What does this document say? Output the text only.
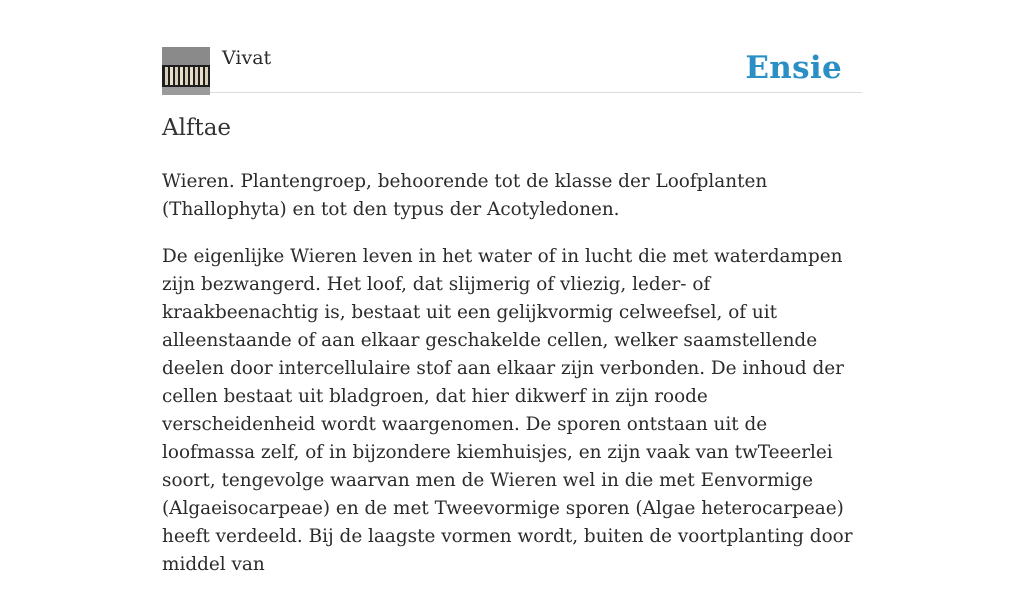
Vivat	Ensie
Alftae

Wieren. Plantengroep, behoorende tot de klasse der Loofplanten (Thallophyta) en tot den typus der Acotyledonen.

De eigenlijke Wieren leven in het water of in lucht die met waterdampen zijn bezwangerd. Het loof, dat slijmerig of vliezig, leder- of kraakbeenachtig is, bestaat uit een gelijkvormig celweefsel, of uit alleenstaande of aan elkaar geschakelde cellen, welker saamstellende deelen door intercellulaire stof aan elkaar zijn verbonden. De inhoud der cellen bestaat uit bladgroen, dat hier dikwerf in zijn roode verscheidenheid wordt waargenomen. De sporen ontstaan uit de loofmassa zelf, of in bijzondere kiemhuisjes, en zijn vaak van twTeeerlei soort, tengevolge waarvan men de Wieren wel in die met Eenvormige (Algaeisocarpeae) en de met Tweevormige sporen (Algae heterocarpeae) heeft verdeeld. Bij de laagste vormen wordt, buiten de voortplanting door middel van
